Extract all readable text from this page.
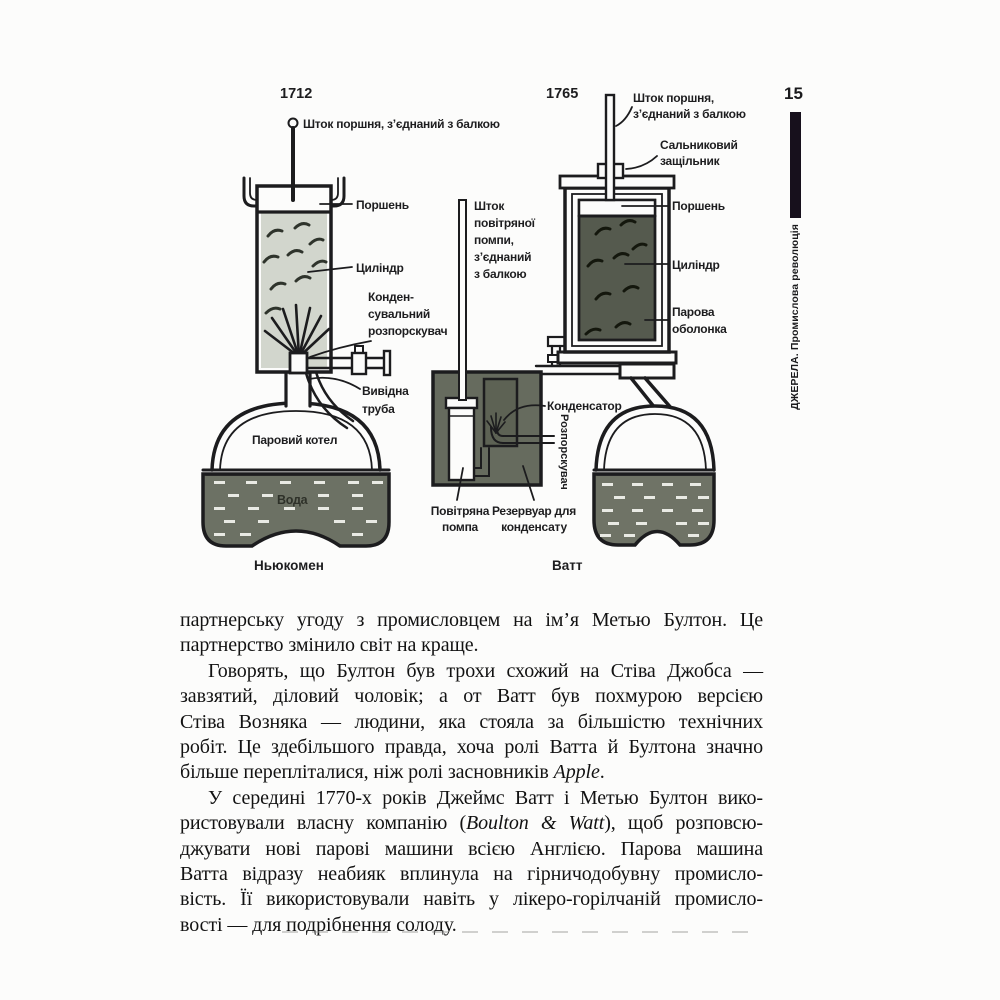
1712	1765
Шток поршня, з’єднаний з балкою
Поршень
Циліндр
Конден-
сувальний
розпорскувач
Вивідна
труба
Паровий котел
Вода
Ньюкомен
Шток поршня,
з’єднаний з балкою
Сальниковий
защільник
Поршень
Циліндр
Парова
оболонка
Шток
повітряної
помпи,
з’єднаний
з балкою
Конденсатор
Розпорскувач
Повітряна
помпа
Резервуар для
конденсату
Ватт
15
ДЖЕРЕЛА. Промислова революція
партнерську угоду з промисловцем на ім’я Метью Бултон. Це
партнерство змінило світ на краще.
Говорять, що Бултон був трохи схожий на Стіва Джобса —
завзятий, діловий чоловік; а от Ватт був похмурою версією
Стіва Возняка — людини, яка стояла за більшістю технічних
робіт. Це здебільшого правда, хоча ролі Ватта й Бултона значно
більше перепліталися, ніж ролі засновників Apple.
У середині 1770-х років Джеймс Ватт і Метью Бултон вико-
ристовували власну компанію (Boulton & Watt), щоб розповсю-
джувати нові парові машини всією Англією. Парова машина
Ватта відразу неабияк вплинула на гірничодобувну промисло-
вість. Її використовували навіть у лікеро-горілчаній промисло-
вості — для подрібнення солоду.
